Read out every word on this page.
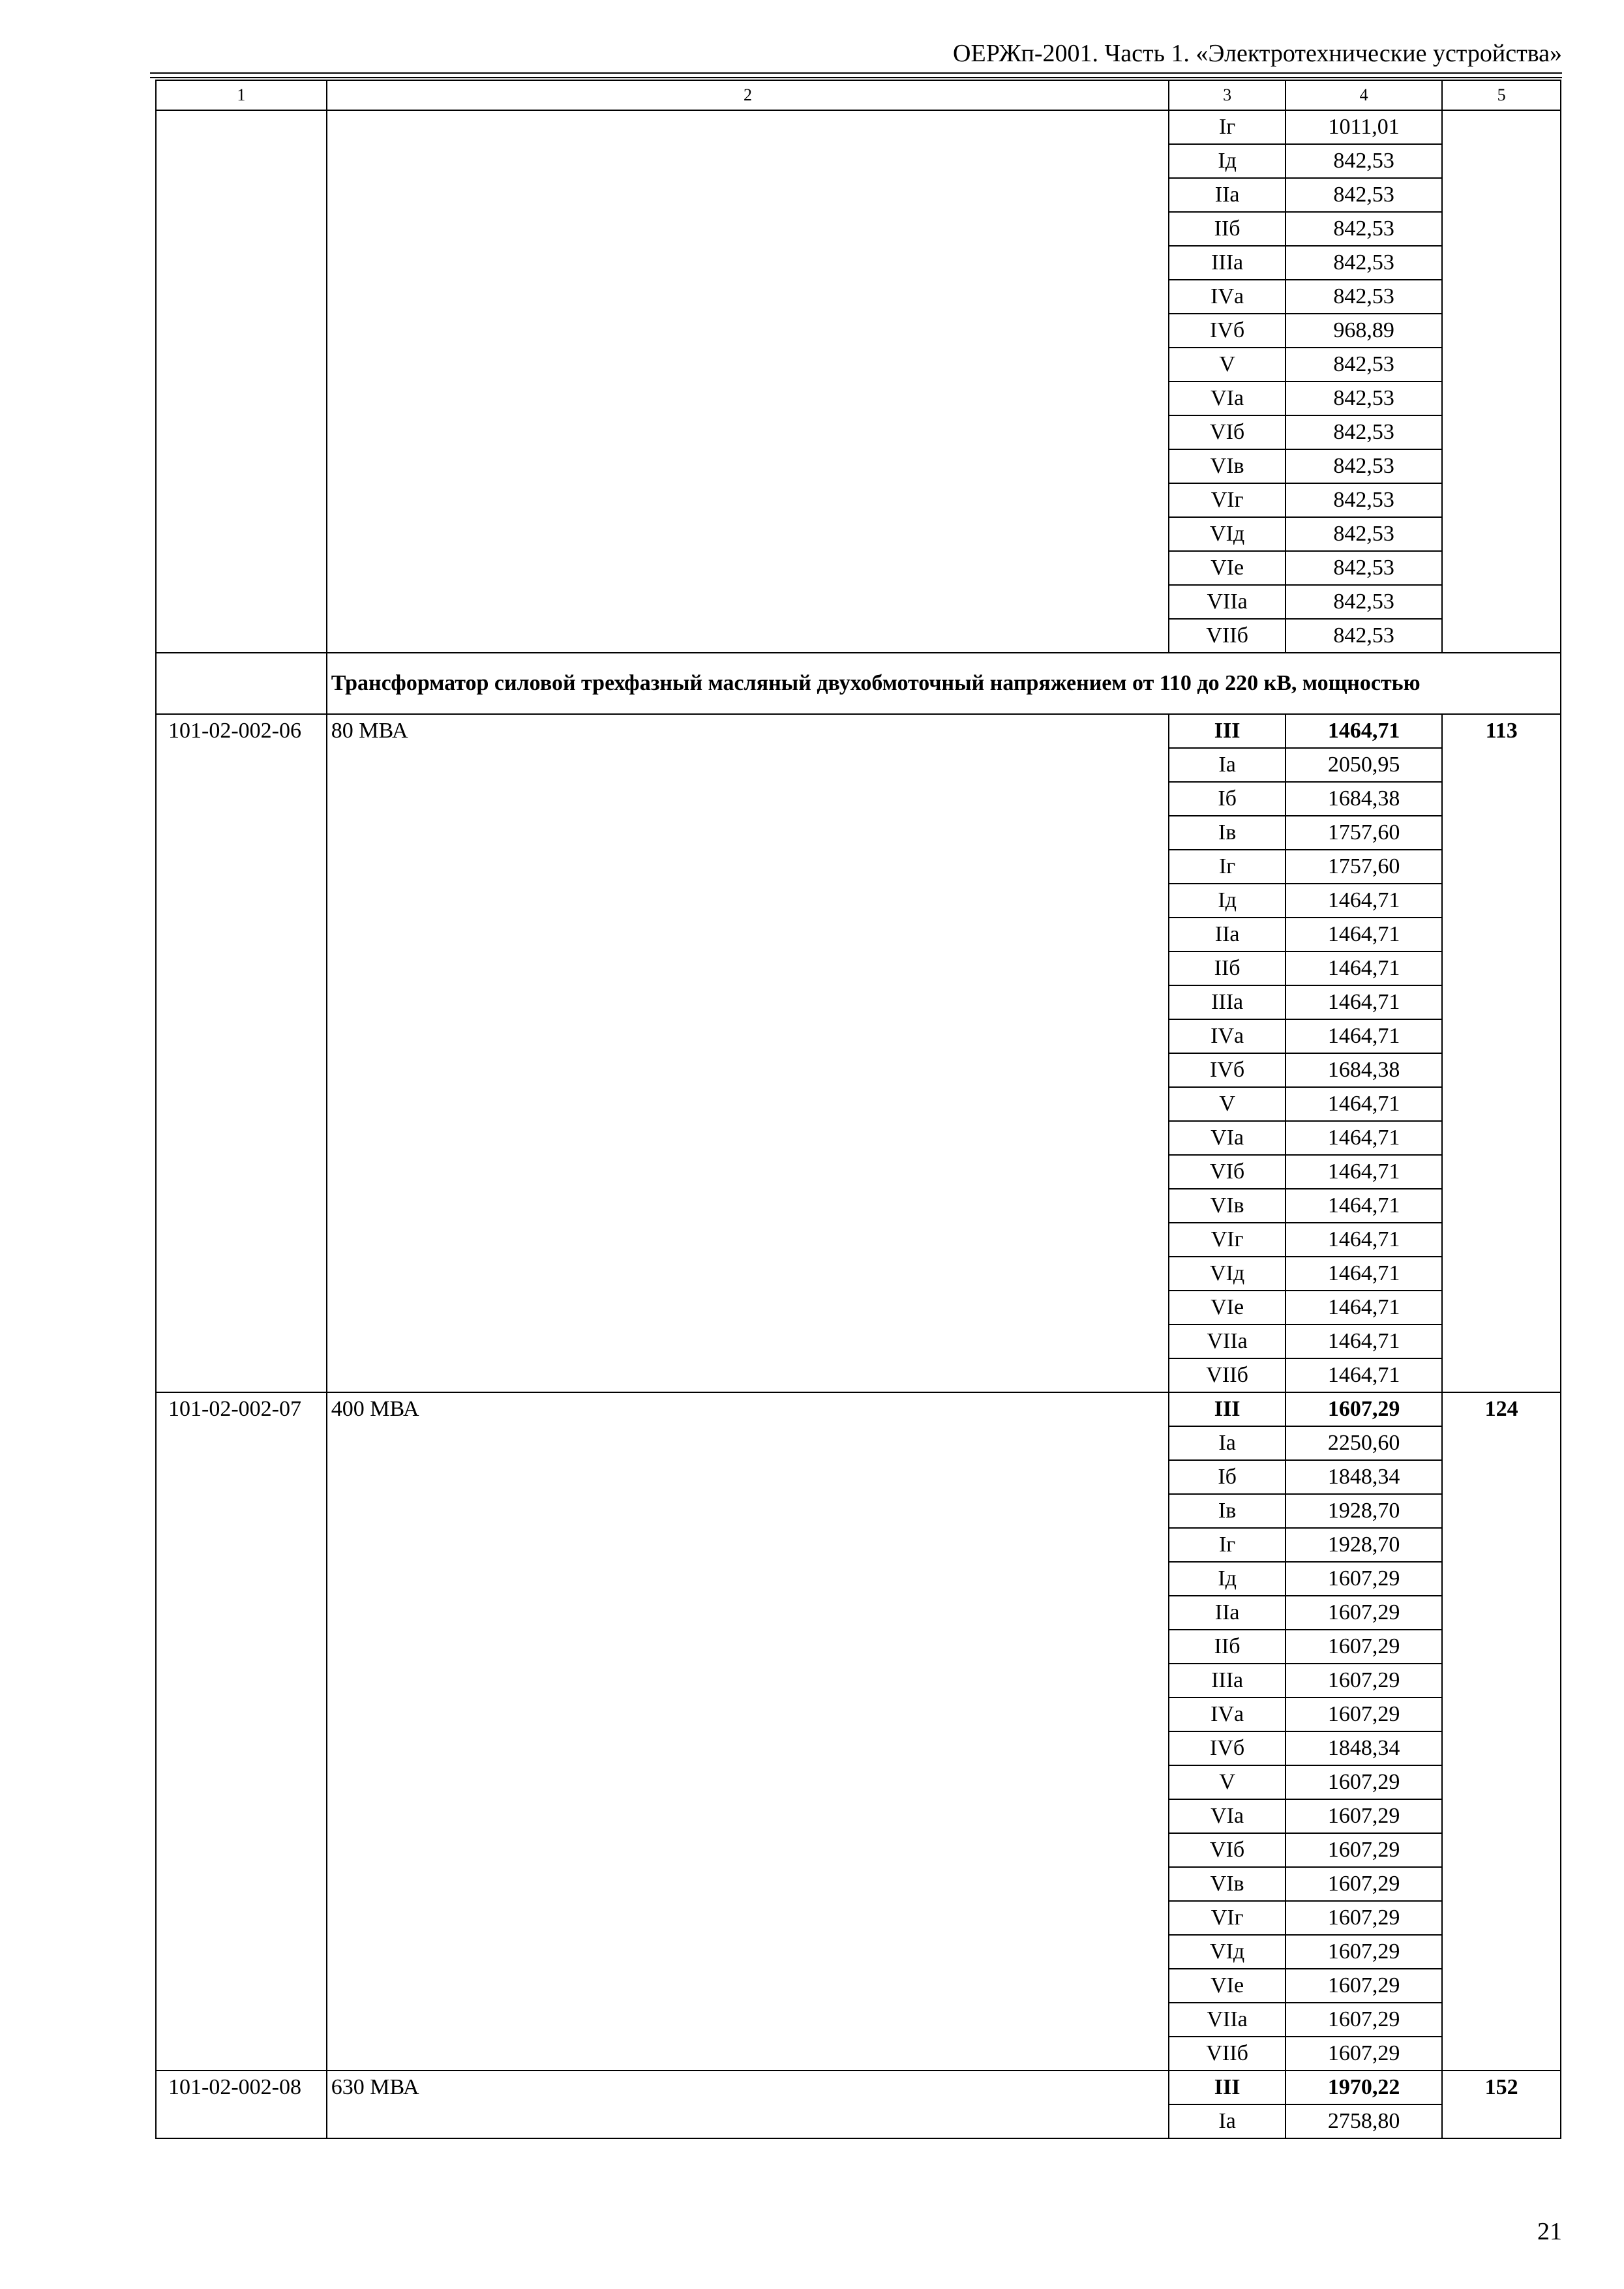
ОЕРЖп-2001. Часть 1. «Электротехнические устройства»
1	2	3	4	5
		Iг	1011,01	
		Iд	842,53	
		IIа	842,53	
		IIб	842,53	
		IIIа	842,53	
		IVа	842,53	
		IVб	968,89	
		V	842,53	
		VIа	842,53	
		VIб	842,53	
		VIв	842,53	
		VIг	842,53	
		VIд	842,53	
		VIе	842,53	
		VIIа	842,53	
		VIIб	842,53	
	Трансформатор силовой трехфазный масляный двухобмоточный напряжением от 110 до 220 кВ, мощностью			
101-02-002-06	80 МВА	III	1464,71	113
		Iа	2050,95	
		Iб	1684,38	
		Iв	1757,60	
		Iг	1757,60	
		Iд	1464,71	
		IIа	1464,71	
		IIб	1464,71	
		IIIа	1464,71	
		IVа	1464,71	
		IVб	1684,38	
		V	1464,71	
		VIа	1464,71	
		VIб	1464,71	
		VIв	1464,71	
		VIг	1464,71	
		VIд	1464,71	
		VIе	1464,71	
		VIIа	1464,71	
		VIIб	1464,71	
101-02-002-07	400 МВА	III	1607,29	124
		Iа	2250,60	
		Iб	1848,34	
		Iв	1928,70	
		Iг	1928,70	
		Iд	1607,29	
		IIа	1607,29	
		IIб	1607,29	
		IIIа	1607,29	
		IVа	1607,29	
		IVб	1848,34	
		V	1607,29	
		VIа	1607,29	
		VIб	1607,29	
		VIв	1607,29	
		VIг	1607,29	
		VIд	1607,29	
		VIе	1607,29	
		VIIа	1607,29	
		VIIб	1607,29	
101-02-002-08	630 МВА	III	1970,22	152
		Iа	2758,80	
21
